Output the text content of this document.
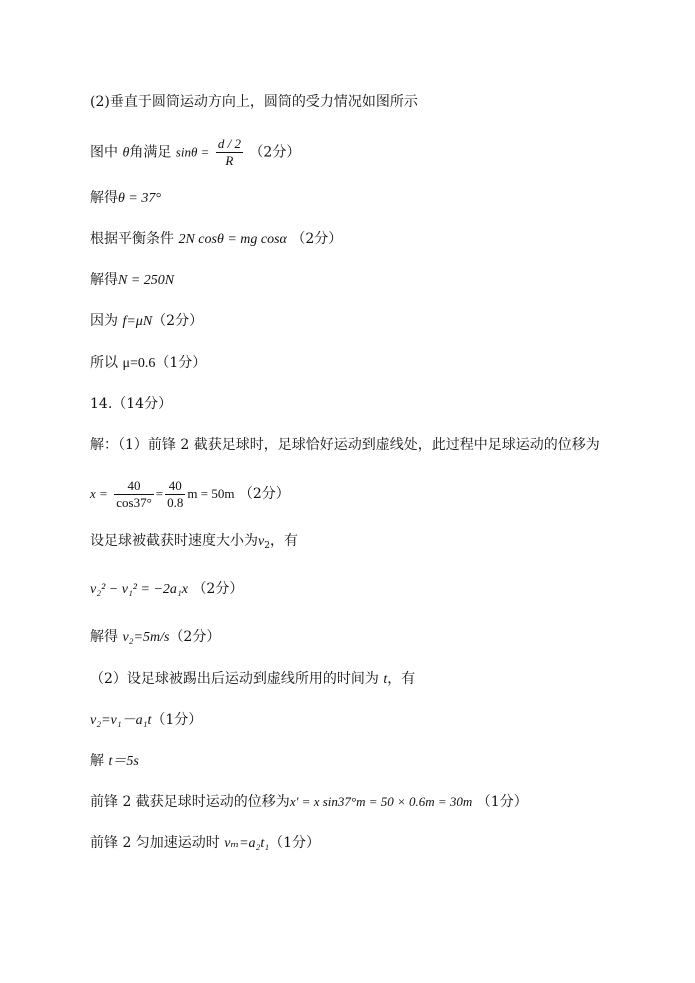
(2)垂直于圆筒运动方向上，圆筒的受力情况如图所示
图中 θ角满足 $\sin\theta = \frac{d / 2}{R} (2$分）
解得θ = 37°
根据平衡条件 2N cosθ = mg cosα （2分）
解得N = 250N
因为 f=μN（2分）
所以 μ=0.6（1分）
14.（14分）
解：（1）前锋 2 截获足球时，足球恰好运动到虚线处，此过程中足球运动的位移为
$x = \frac{40}{\cos 37^\circ} = \frac{40}{0.8}$ m = 50m （2分）
设足球被截获时速度大小为$v_2$，有
v₂² − v₁² = −2a₁x （2分）
解得 v₂=5m/s（2分）
（2）设足球被踢出后运动到虚线所用的时间为 t，有
v₂=v₁－a₁t（1分）
解 t＝5s
前锋 2 截获足球时运动的位移为x′ = x sin37°m = 50 × 0.6m = 30m （1分）
前锋 2 匀加速运动时 vₘ=a₂t₁（1分）
